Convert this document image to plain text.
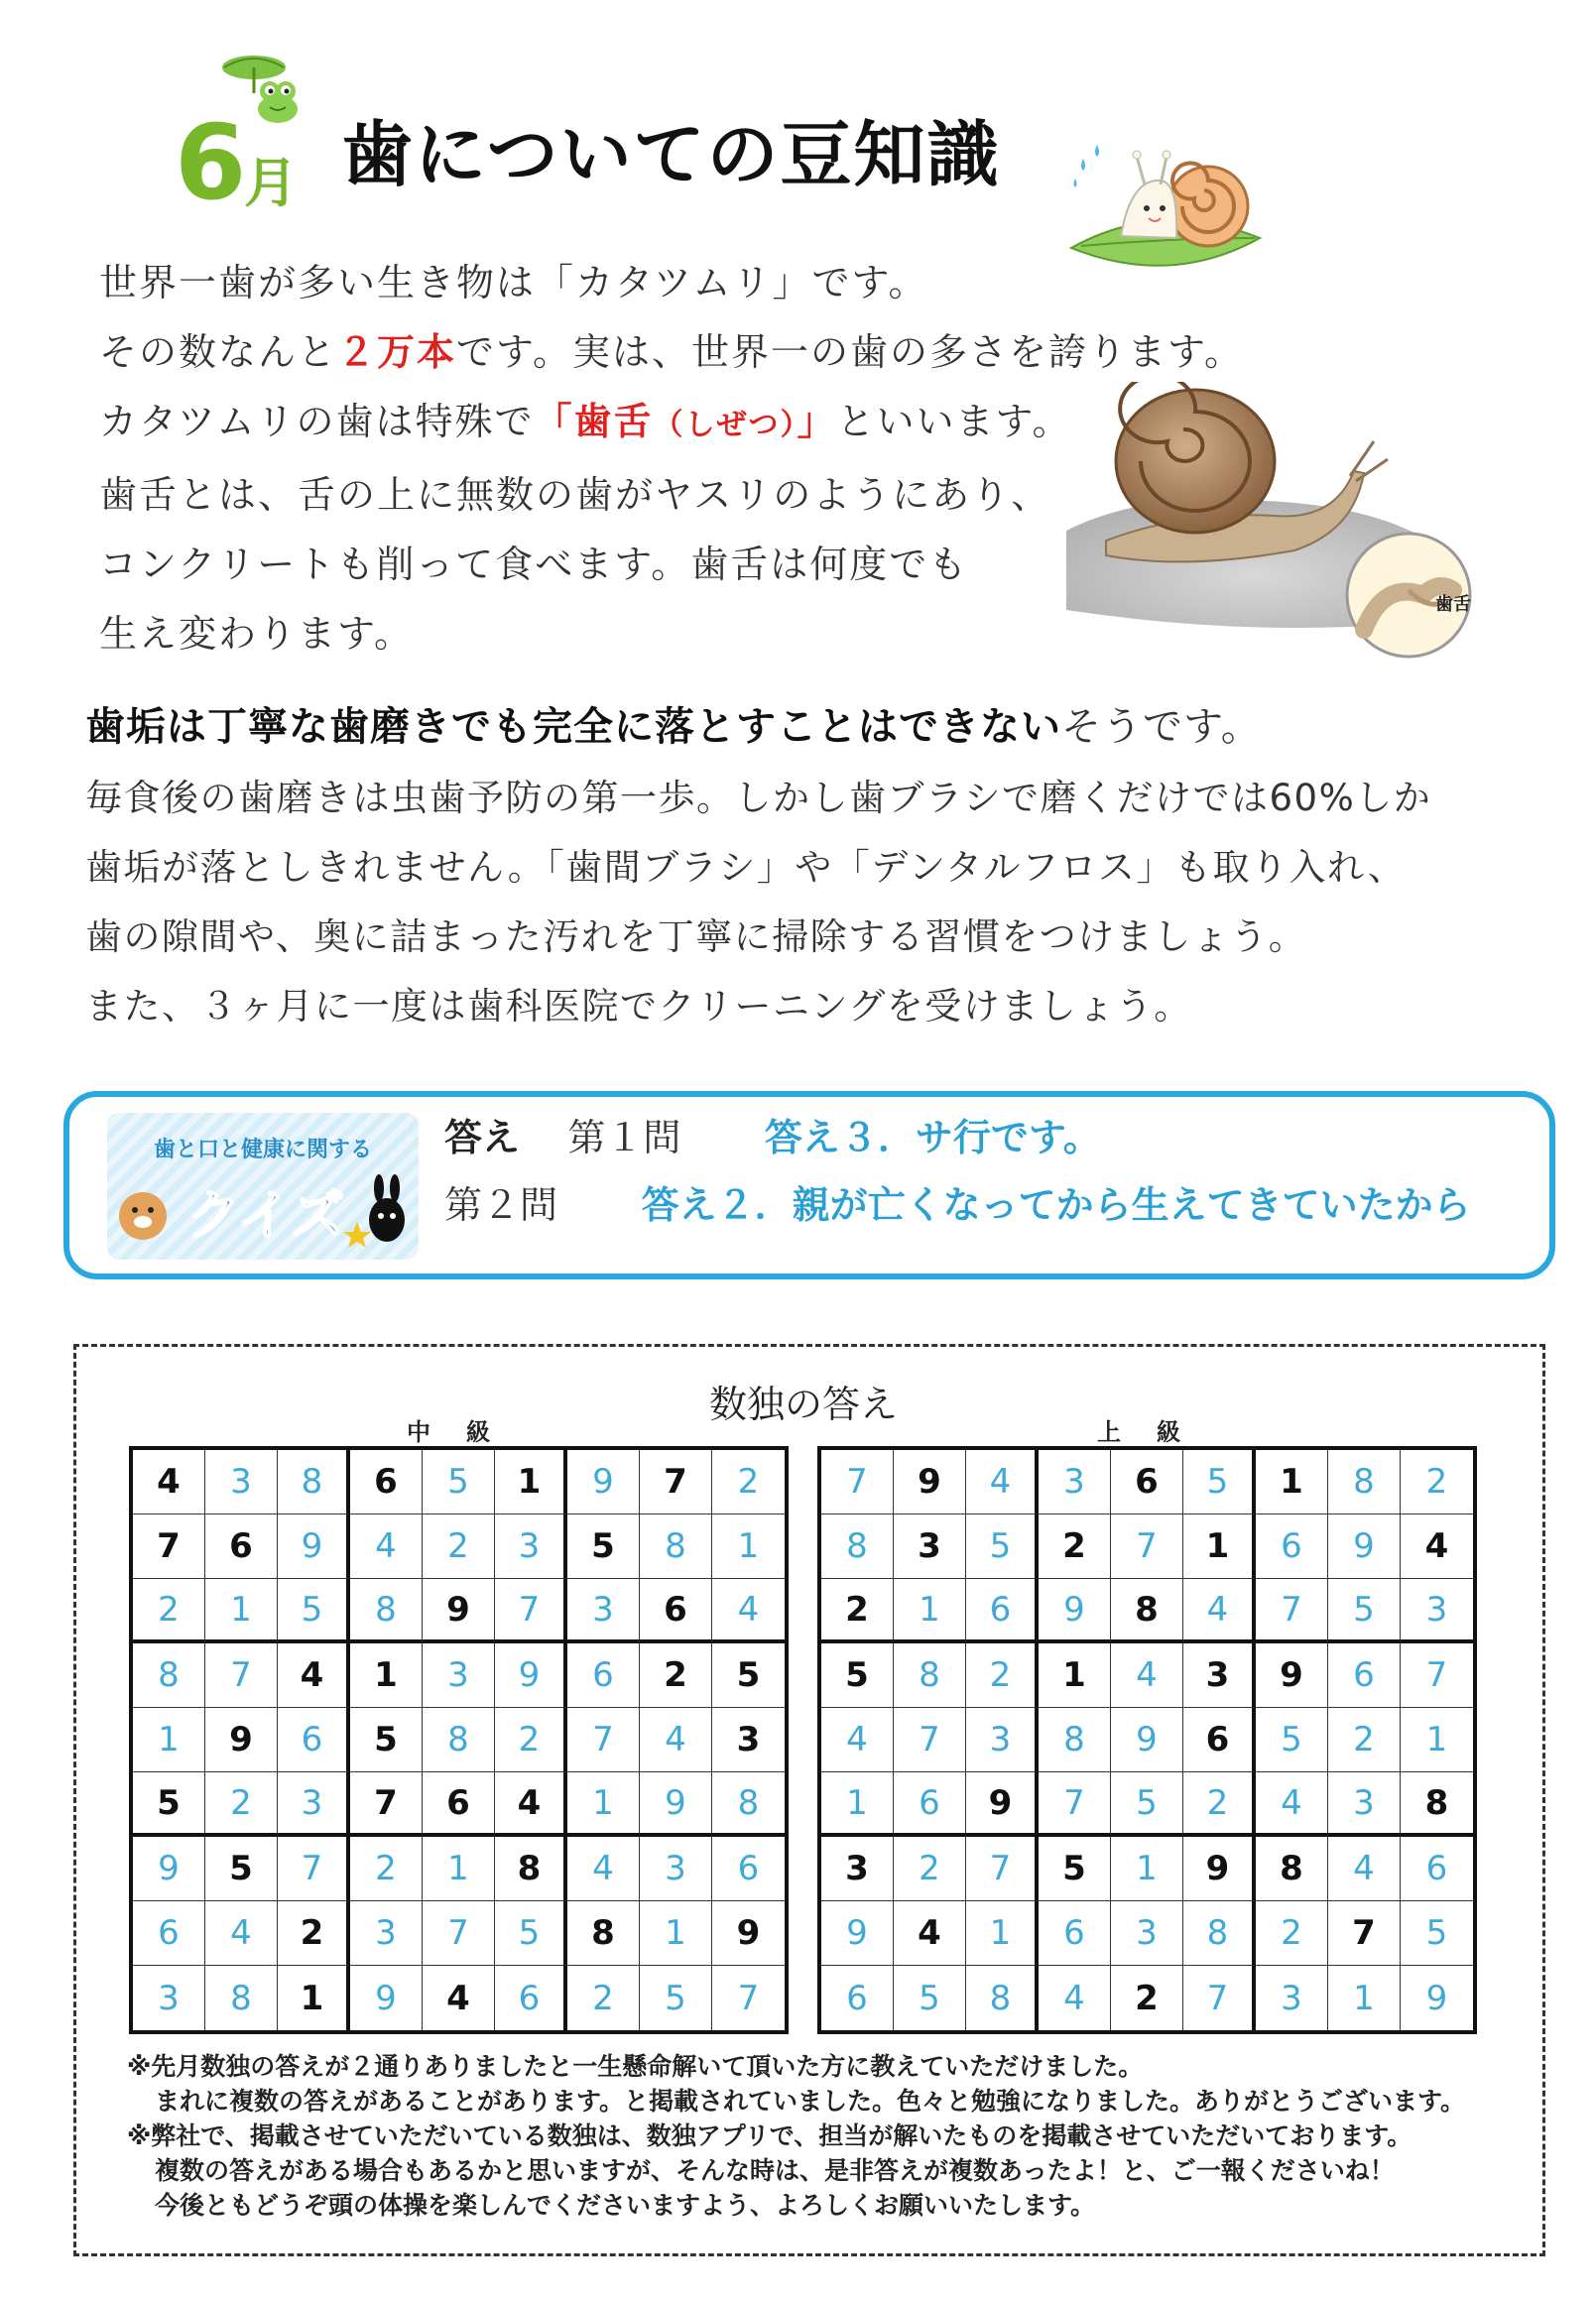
6
月 歯についての豆知識
世界一歯が多い生き物は「カタツムリ」です。
その数なんと２万本です。実は、世界一の歯の多さを誇ります。
カタツムリの歯は特殊で「歯舌（しぜつ）」といいます。
歯舌とは、舌の上に無数の歯がヤスリのようにあり、
コンクリートも削って食べます。歯舌は何度でも
生え変わります。
歯舌
歯垢は丁寧な歯磨きでも完全に落とすことはできないそうです。
毎食後の歯磨きは虫歯予防の第一歩。しかし歯ブラシで磨くだけでは60%しか
歯垢が落としきれません。「歯間ブラシ」や「デンタルフロス」も取り入れ、
歯の隙間や、奥に詰まった汚れを丁寧に掃除する習慣をつけましょう。
また、３ヶ月に一度は歯科医院でクリーニングを受けましょう。
歯と口と健康に関する
クイズ
答え 第１問 答え３．サ行です。
第２問 答え２．親が亡くなってから生えてきていたから
数独の答え
中級	上級
4	3	8	6	5	1	9	7	2
7	6	9	4	2	3	5	8	1
2	1	5	8	9	7	3	6	4
8	7	4	1	3	9	6	2	5
1	9	6	5	8	2	7	4	3
5	2	3	7	6	4	1	9	8
9	5	7	2	1	8	4	3	6
6	4	2	3	7	5	8	1	9
3	8	1	9	4	6	2	5	7
7	9	4	3	6	5	1	8	2
8	3	5	2	7	1	6	9	4
2	1	6	9	8	4	7	5	3
5	8	2	1	4	3	9	6	7
4	7	3	8	9	6	5	2	1
1	6	9	7	5	2	4	3	8
3	2	7	5	1	9	8	4	6
9	4	1	6	3	8	2	7	5
6	5	8	4	2	7	3	1	9
※先月数独の答えが２通りありましたと一生懸命解いて頂いた方に教えていただけました。
まれに複数の答えがあることがあります。と掲載されていました。色々と勉強になりました。ありがとうございます。
※弊社で、掲載させていただいている数独は、数独アプリで、担当が解いたものを掲載させていただいております。
複数の答えがある場合もあるかと思いますが、そんな時は、是非答えが複数あったよ！と、ご一報くださいね！
今後ともどうぞ頭の体操を楽しんでくださいますよう、よろしくお願いいたします。
